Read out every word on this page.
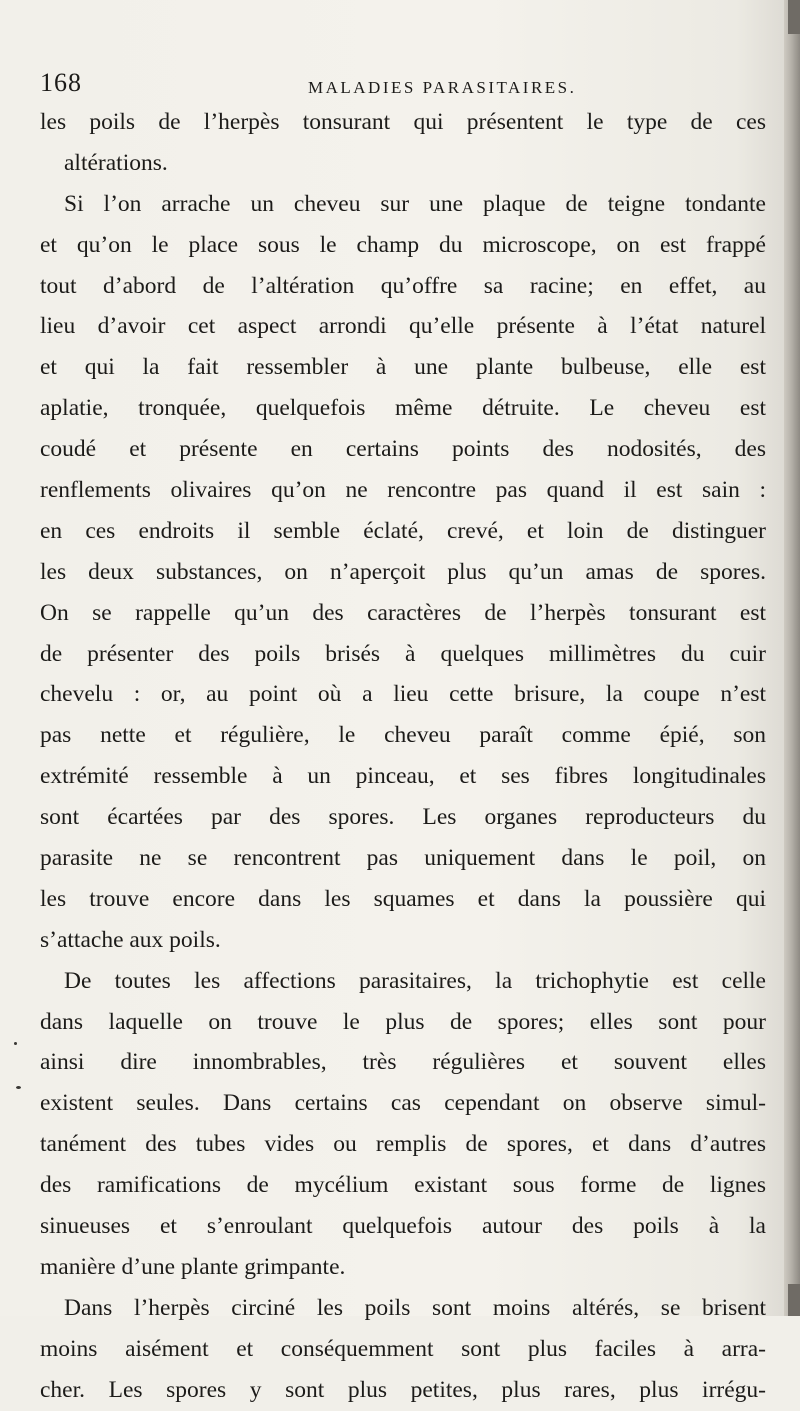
168	MALADIES PARASITAIRES.
les poils de l’herpès tonsurant qui présentent le type de ces
altérations.
Si l’on arrache un cheveu sur une plaque de teigne tondante
et qu’on le place sous le champ du microscope, on est frappé
tout d’abord de l’altération qu’offre sa racine; en effet, au
lieu d’avoir cet aspect arrondi qu’elle présente à l’état naturel
et qui la fait ressembler à une plante bulbeuse, elle est
aplatie, tronquée, quelquefois même détruite. Le cheveu est
coudé et présente en certains points des nodosités, des
renflements olivaires qu’on ne rencontre pas quand il est sain :
en ces endroits il semble éclaté, crevé, et loin de distinguer
les deux substances, on n’aperçoit plus qu’un amas de spores.
On se rappelle qu’un des caractères de l’herpès tonsurant est
de présenter des poils brisés à quelques millimètres du cuir
chevelu : or, au point où a lieu cette brisure, la coupe n’est
pas nette et régulière, le cheveu paraît comme épié, son
extrémité ressemble à un pinceau, et ses fibres longitudinales
sont écartées par des spores. Les organes reproducteurs du
parasite ne se rencontrent pas uniquement dans le poil, on
les trouve encore dans les squames et dans la poussière qui
s’attache aux poils.
De toutes les affections parasitaires, la trichophytie est celle
dans laquelle on trouve le plus de spores; elles sont pour
ainsi dire innombrables, très régulières et souvent elles
existent seules. Dans certains cas cependant on observe simul-
tanément des tubes vides ou remplis de spores, et dans d’autres
des ramifications de mycélium existant sous forme de lignes
sinueuses et s’enroulant quelquefois autour des poils à la
manière d’une plante grimpante.
Dans l’herpès circiné les poils sont moins altérés, se brisent
moins aisément et conséquemment sont plus faciles à arra-
cher. Les spores y sont plus petites, plus rares, plus irrégu-
